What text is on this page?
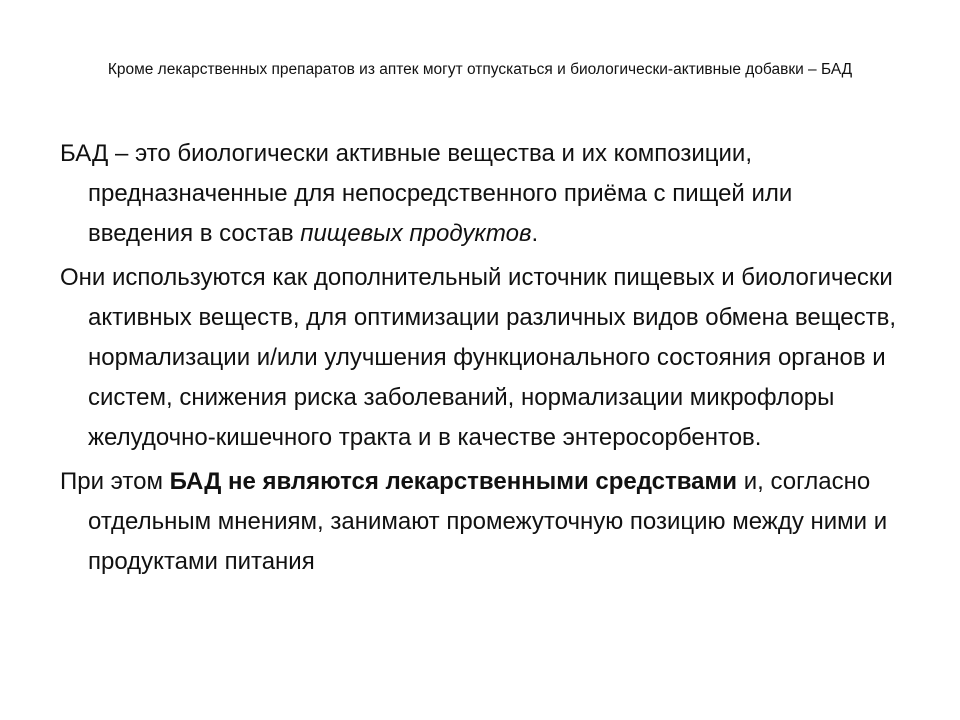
Кроме лекарственных препаратов из аптек могут отпускаться и биологически-активные добавки – БАД

БАД – это биологически активные вещества и их композиции, предназначенные для непосредственного приёма с пищей или введения в состав пищевых продуктов.

Они используются как дополнительный источник пищевых и биологически активных веществ, для оптимизации различных видов обмена веществ, нормализации и/или улучшения функционального состояния органов и систем, снижения риска заболеваний, нормализации микрофлоры желудочно-кишечного тракта и в качестве энтеросорбентов.

При этом БАД не являются лекарственными средствами и, согласно отдельным мнениям, занимают промежуточную позицию между ними и продуктами питания
